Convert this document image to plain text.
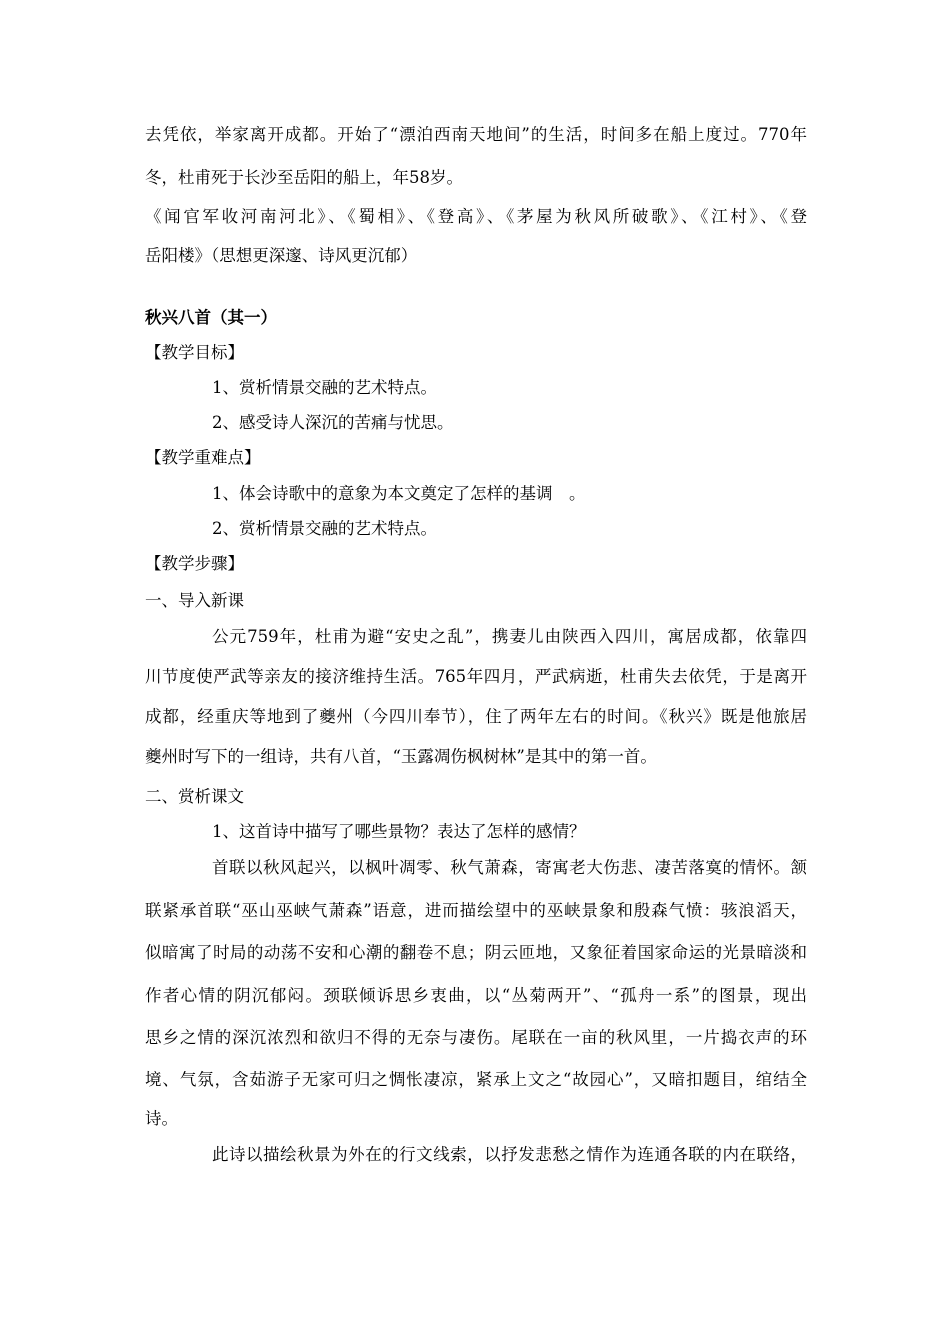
去凭依，举家离开成都。开始了“漂泊西南天地间”的生活，时间多在船上度过。770年
冬，杜甫死于长沙至岳阳的船上，年58岁。
《闻官军收河南河北》、《蜀相》、《登高》、《茅屋为秋风所破歌》、《江村》、《登
岳阳楼》（思想更深邃、诗风更沉郁）
秋兴八首（其一）
【教学目标】
1、赏析情景交融的艺术特点。
2、感受诗人深沉的苦痛与忧思。
【教学重难点】
1、体会诗歌中的意象为本文奠定了怎样的基调　。
2、赏析情景交融的艺术特点。
【教学步骤】
一、导入新课
公元759年，杜甫为避“安史之乱”，携妻儿由陕西入四川，寓居成都，依靠四
川节度使严武等亲友的接济维持生活。765年四月，严武病逝，杜甫失去依凭，于是离开
成都，经重庆等地到了夔州（今四川奉节），住了两年左右的时间。《秋兴》既是他旅居
夔州时写下的一组诗，共有八首，“玉露凋伤枫树林”是其中的第一首。
二、赏析课文
1、这首诗中描写了哪些景物？表达了怎样的感情？
首联以秋风起兴，以枫叶凋零、秋气萧森，寄寓老大伤悲、凄苦落寞的情怀。颔
联紧承首联“巫山巫峡气萧森”语意，进而描绘望中的巫峡景象和殷森气愤：骇浪滔天，
似暗寓了时局的动荡不安和心潮的翻卷不息；阴云匝地，又象征着国家命运的光景暗淡和
作者心情的阴沉郁闷。颈联倾诉思乡衷曲，以“丛菊两开”、“孤舟一系”的图景，现出
思乡之情的深沉浓烈和欲归不得的无奈与凄伤。尾联在一亩的秋风里，一片捣衣声的环
境、气氛，含茹游子无家可归之惆怅凄凉，紧承上文之“故园心”，又暗扣题目，绾结全
诗。
此诗以描绘秋景为外在的行文线索，以抒发悲愁之情作为连通各联的内在联络，
